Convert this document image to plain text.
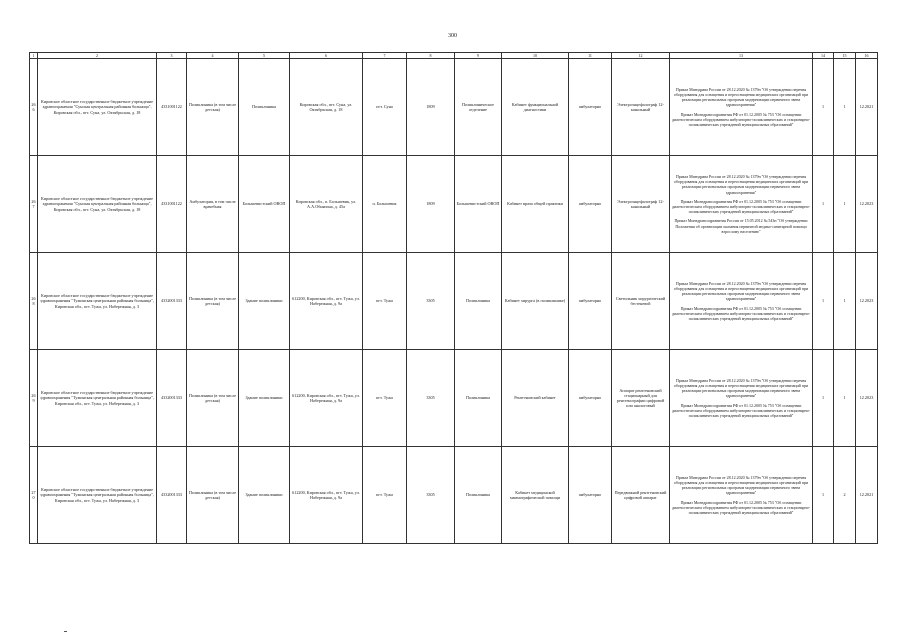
300
1	2	3	4	5	6	7	8	9	10	11	12	13	14	15	16
266	Кировское областное государственное бюджетное учреждение здравоохранения "Сунская центральная районная больница", Кировская обл., пгт. Суна, ул. Октябрьская, д. 18	4331001122	Поликлиника (в том числе детская)	Поликлиника	Кировская обл., пгт. Суна, ул. Октябрьская, д. 18	пгт. Суна	1809	Поликлиническое отделение	Кабинет функциональной диагностики	амбулаторно	Электроэнцефалограф 12-канальный	Приказ Минздрава России от 28.12.2020 № 1379н "Об утверждении перечня оборудования для оснащения и переоснащения медицинских организаций при реализации региональных программ модернизации первичного звена здравоохранения"

Приказ Минздравсоцразвития РФ от 01.12.2005 № 753 "Об оснащении диагностическим оборудованием амбулаторно-поликлинических и стационарно-поликлинических учреждений муниципальных образований"	1	1	12.2021
267	Кировское областное государственное бюджетное учреждение здравоохранения "Сунская центральная районная больница", Кировская обл., пгт. Суна, ул. Октябрьская, д. 18	4331001122	Амбулатория, в том числе врачебная	Большевистский ОВОП	Кировская обл., п. Большевик, ул. А.А.Обнягина, д. 45а	п. Большевик	1809	Большевистский ОВОП	Кабинет врача общей практики	амбулаторно	Электроэнцефалограф 12-канальный	Приказ Минздрава России от 28.12.2020 № 1379н "Об утверждении перечня оборудования для оснащения и переоснащения медицинских организаций при реализации региональных программ модернизации первичного звена здравоохранения"

Приказ Минздравсоцразвития РФ от 01.12.2005 № 753 "Об оснащении диагностическим оборудованием амбулаторно-поликлинических и стационарно-поликлинических учреждений муниципальных образований"

Приказ Минздравсоцразвития России от 15.05.2012 № 543н "Об утверждении Положения об организации оказания первичной медико-санитарной помощи взрослому населению"	1	1	12.2023
268	Кировское областное государственное бюджетное учреждение здравоохранения "Тужинская центральная районная больница", Кировская обл., пгт. Тужа, ул. Набережная, д. 3	4332001333	Поликлиника (в том числе детская)	Здание поликлиники	612200, Кировская обл., пгт. Тужа, ул. Набережная, д. 9а	пгт. Тужа	3305	Поликлиника	Кабинет хирурга (в поликлинике)	амбулаторно	Светильник хирургический бестеневой	Приказ Минздрава России от 28.12.2020 № 1379н "Об утверждении перечня оборудования для оснащения и переоснащения медицинских организаций при реализации региональных программ модернизации первичного звена здравоохранения"

Приказ Минздравсоцразвития РФ от 01.12.2005 № 753 "Об оснащении диагностическим оборудованием амбулаторно-поликлинических и стационарно-поликлинических учреждений муниципальных образований"	1	1	12.2023
269	Кировское областное государственное бюджетное учреждение здравоохранения "Тужинская центральная районная больница", Кировская обл., пгт. Тужа, ул. Набережная, д. 3	4332001333	Поликлиника (в том числе детская)	Здание поликлиники	612200, Кировская обл., пгт. Тужа, ул. Набережная, д. 9а	пгт. Тужа	3305	Поликлиника	Рентгеновский кабинет	амбулаторно	Аппарат рентгеновский стационарный для рентгенографии цифровой или аналоговый	Приказ Минздрава России от 28.12.2020 № 1379н "Об утверждении перечня оборудования для оснащения и переоснащения медицинских организаций при реализации региональных программ модернизации первичного звена здравоохранения"

Приказ Минздравсоцразвития РФ от 01.12.2005 № 753 "Об оснащении диагностическим оборудованием амбулаторно-поликлинических и стационарно-поликлинических учреждений муниципальных образований"	1	1	12.2023
270	Кировское областное государственное бюджетное учреждение здравоохранения "Тужинская центральная районная больница", Кировская обл., пгт. Тужа, ул. Набережная, д. 3	4332001333	Поликлиника (в том числе детская)	Здание поликлиники	612200, Кировская обл., пгт. Тужа, ул. Набережная, д. 9а	пгт. Тужа	3305	Поликлиника	Кабинет медицинской маммографической помощи	амбулаторно	Передвижной рентгеновский цифровой аппарат	Приказ Минздрава России от 28.12.2020 № 1379н "Об утверждении перечня оборудования для оснащения и переоснащения медицинских организаций при реализации региональных программ модернизации первичного звена здравоохранения"

Приказ Минздравсоцразвития РФ от 01.12.2005 № 753 "Об оснащении диагностическим оборудованием амбулаторно-поликлинических и стационарно-поликлинических учреждений муниципальных образований"	1	2	12.2021
